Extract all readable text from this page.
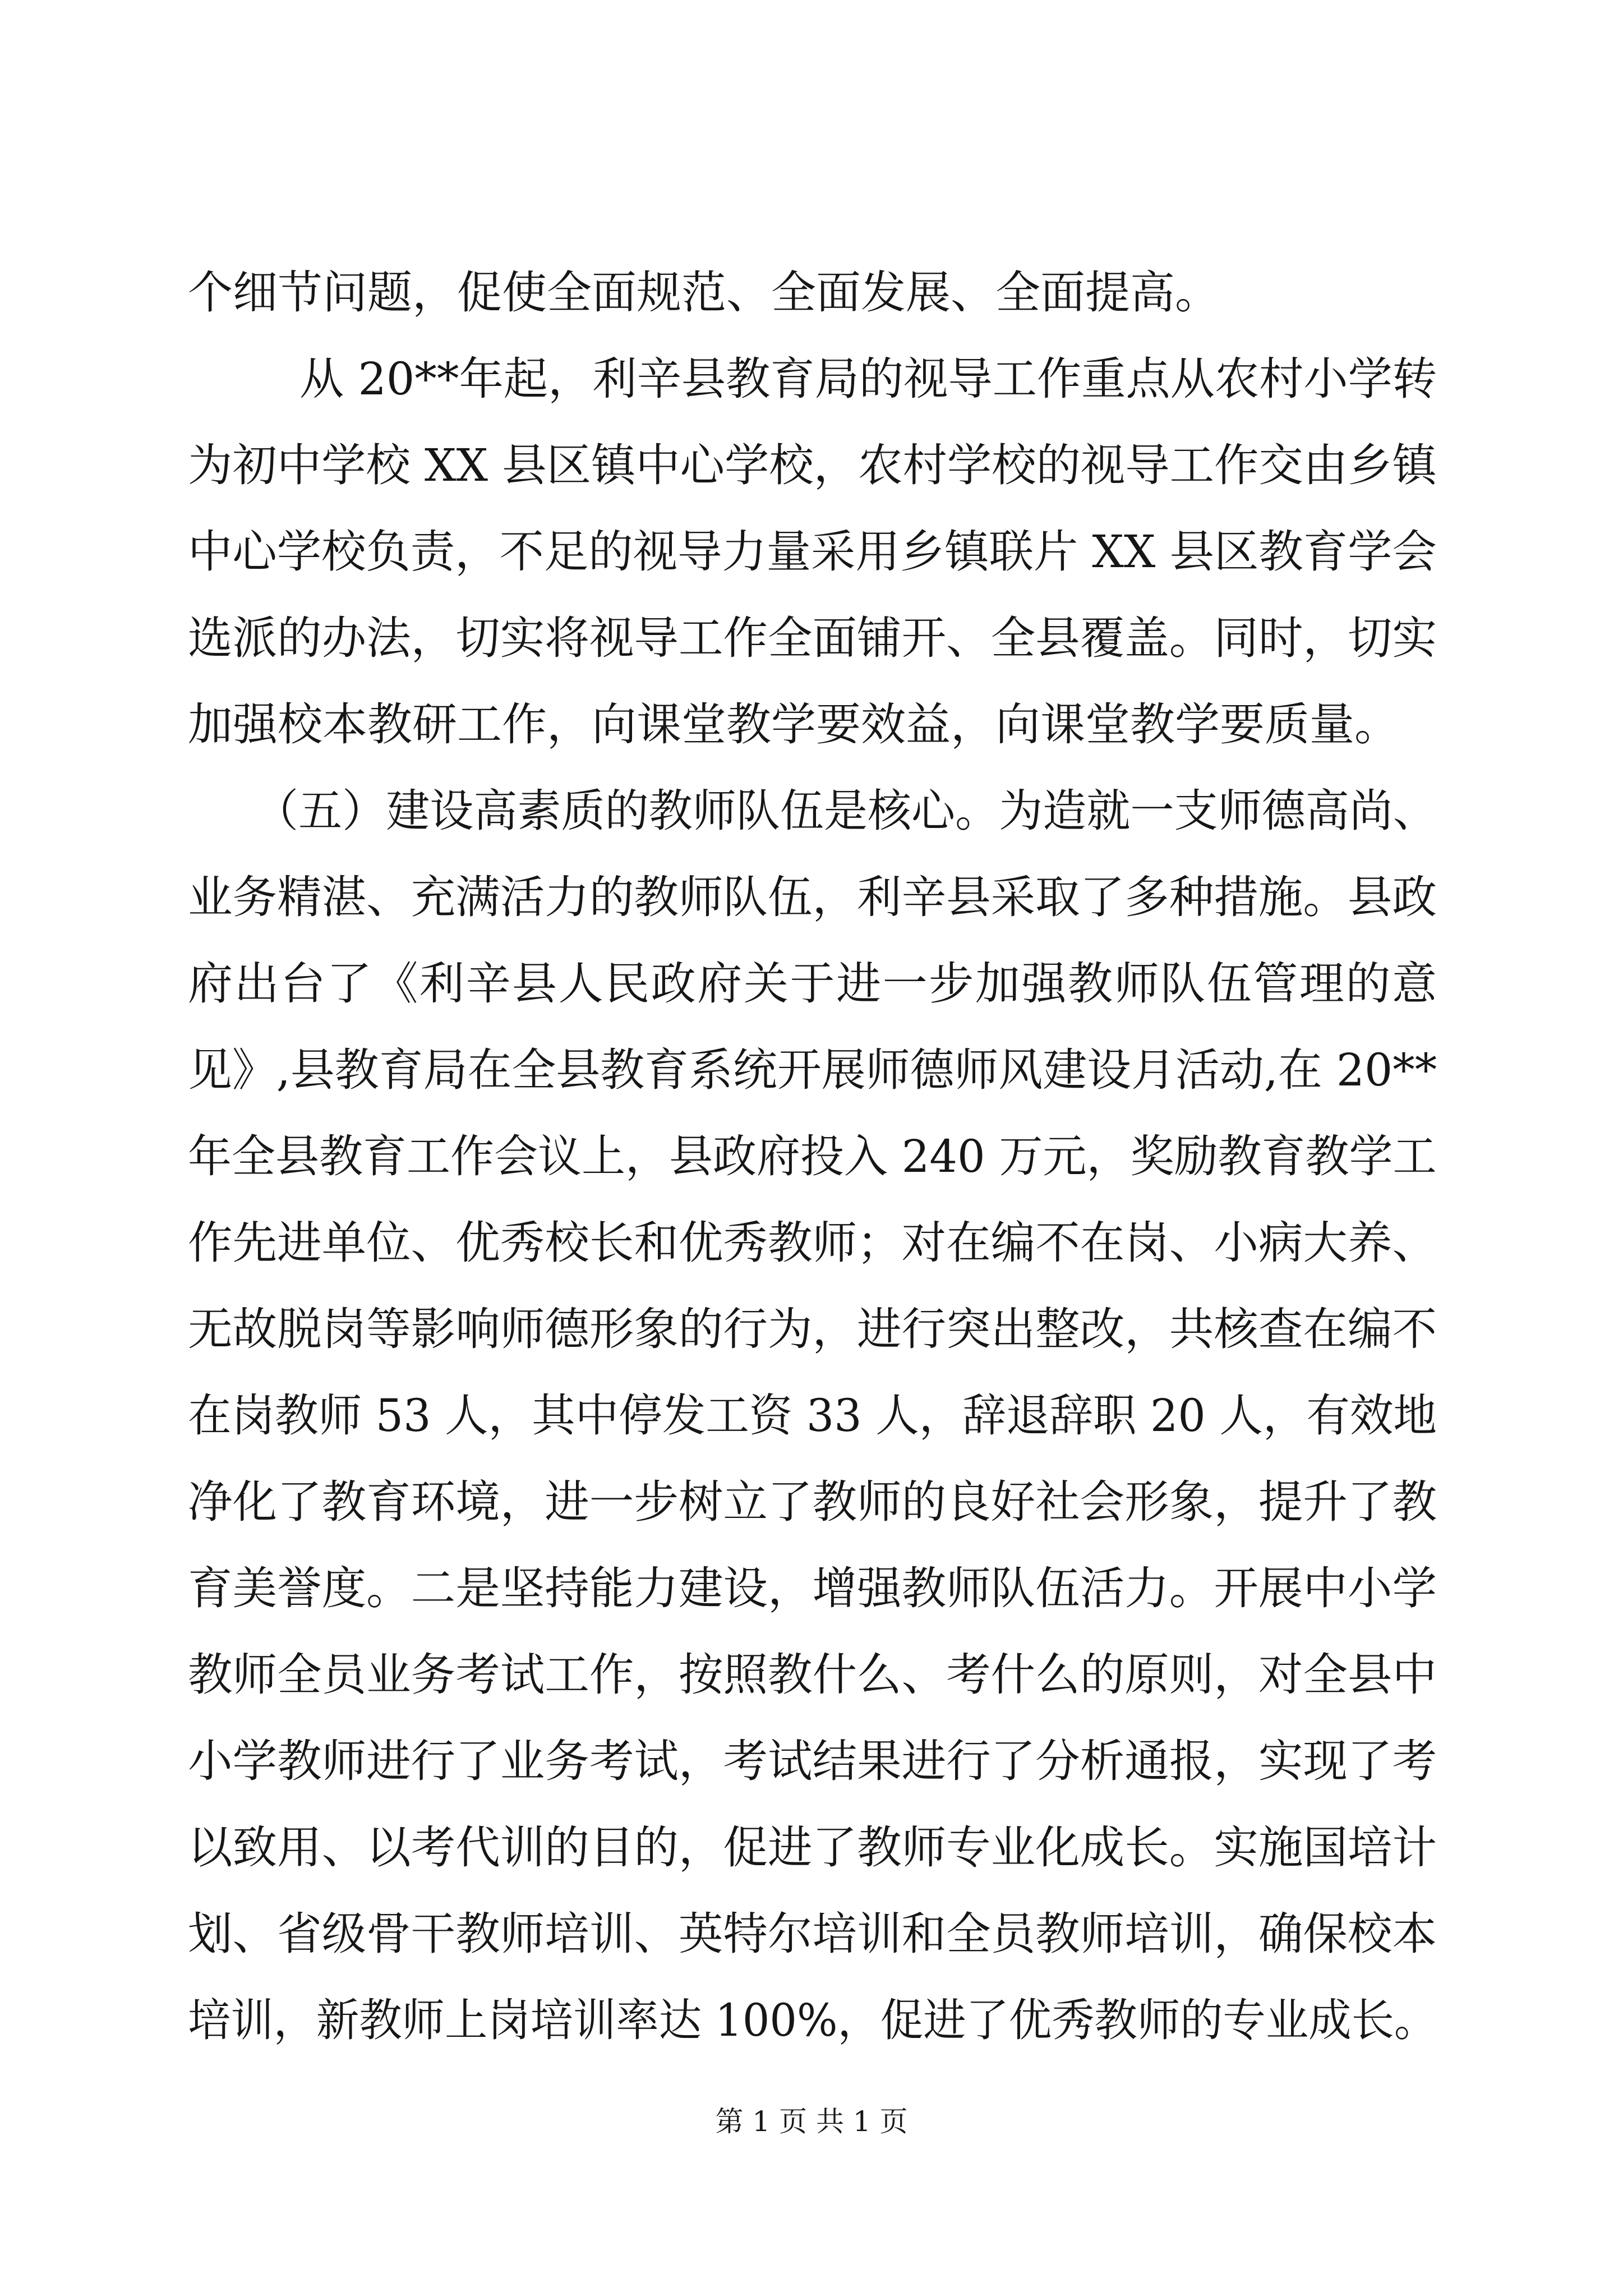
个细节问题，促使全面规范、全面发展、全面提高。
从 20**年起，利辛县教育局的视导工作重点从农村小学转
为初中学校 XX 县区镇中心学校，农村学校的视导工作交由乡镇
中心学校负责，不足的视导力量采用乡镇联片 XX 县区教育学会
选派的办法，切实将视导工作全面铺开、全县覆盖。同时，切实
加强校本教研工作，向课堂教学要效益，向课堂教学要质量。
（五）建设高素质的教师队伍是核心。为造就一支师德高尚、
业务精湛、充满活力的教师队伍，利辛县采取了多种措施。县政
府出台了《利辛县人民政府关于进一步加强教师队伍管理的意
见》,县教育局在全县教育系统开展师德师风建设月活动,在 20**
年全县教育工作会议上，县政府投入 240 万元，奖励教育教学工
作先进单位、优秀校长和优秀教师；对在编不在岗、小病大养、
无故脱岗等影响师德形象的行为，进行突出整改，共核查在编不
在岗教师 53 人，其中停发工资 33 人，辞退辞职 20 人，有效地
净化了教育环境，进一步树立了教师的良好社会形象，提升了教
育美誉度。二是坚持能力建设，增强教师队伍活力。开展中小学
教师全员业务考试工作，按照教什么、考什么的原则，对全县中
小学教师进行了业务考试，考试结果进行了分析通报，实现了考
以致用、以考代训的目的，促进了教师专业化成长。实施国培计
划、省级骨干教师培训、英特尔培训和全员教师培训，确保校本
培训，新教师上岗培训率达 100%，促进了优秀教师的专业成长。
第 1 页 共 1 页
